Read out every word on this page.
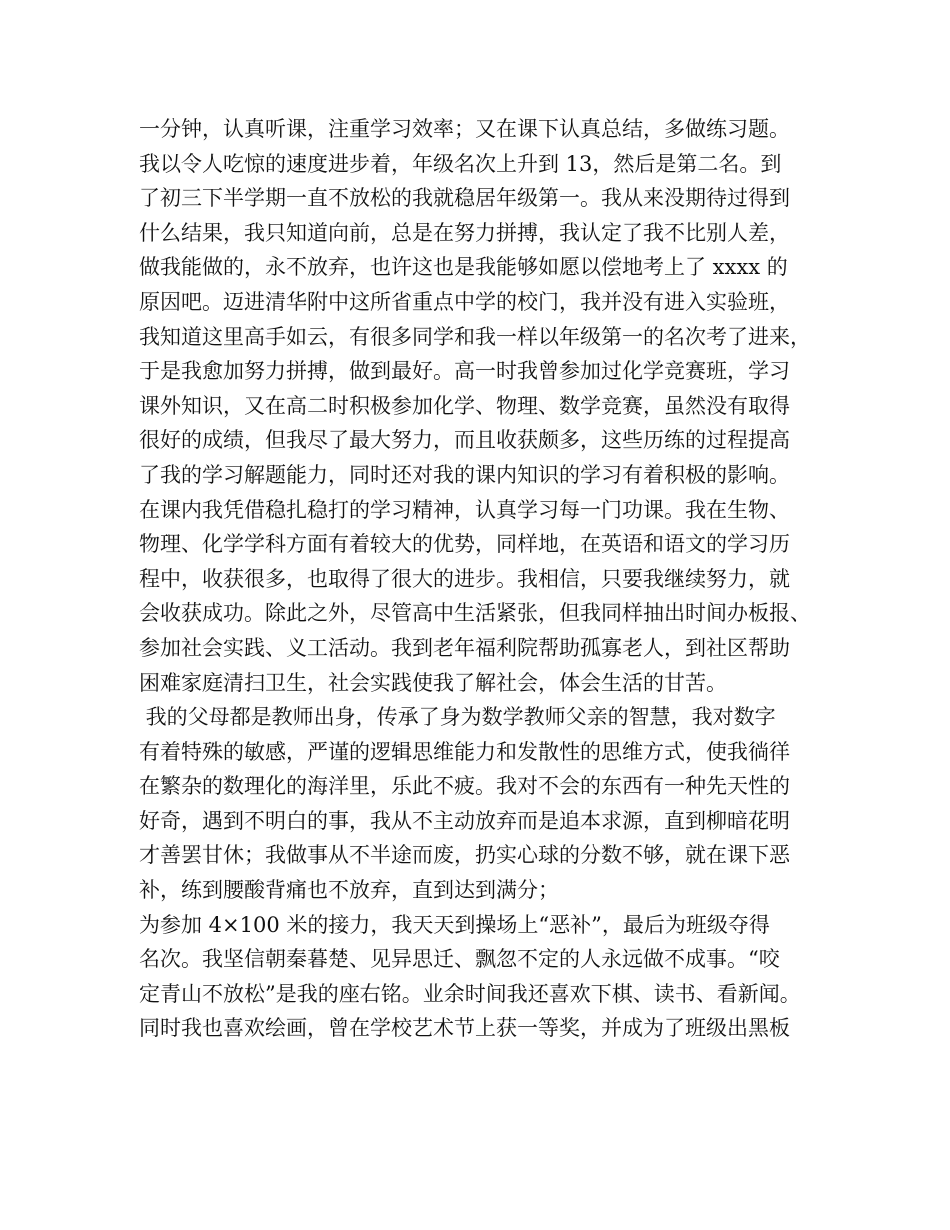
一分钟，认真听课，注重学习效率；又在课下认真总结，多做练习题。
我以令人吃惊的速度进步着，年级名次上升到 13，然后是第二名。到
了初三下半学期一直不放松的我就稳居年级第一。我从来没期待过得到
什么结果，我只知道向前，总是在努力拼搏，我认定了我不比别人差，
做我能做的，永不放弃，也许这也是我能够如愿以偿地考上了 xxxx 的
原因吧。迈进清华附中这所省重点中学的校门，我并没有进入实验班，
我知道这里高手如云，有很多同学和我一样以年级第一的名次考了进来，
于是我愈加努力拼搏，做到最好。高一时我曾参加过化学竞赛班，学习
课外知识，又在高二时积极参加化学、物理、数学竞赛，虽然没有取得
很好的成绩，但我尽了最大努力，而且收获颇多，这些历练的过程提高
了我的学习解题能力，同时还对我的课内知识的学习有着积极的影响。
在课内我凭借稳扎稳打的学习精神，认真学习每一门功课。我在生物、
物理、化学学科方面有着较大的优势，同样地，在英语和语文的学习历
程中，收获很多，也取得了很大的进步。我相信，只要我继续努力，就
会收获成功。除此之外，尽管高中生活紧张，但我同样抽出时间办板报、
参加社会实践、义工活动。我到老年福利院帮助孤寡老人，到社区帮助
困难家庭清扫卫生，社会实践使我了解社会，体会生活的甘苦。
我的父母都是教师出身，传承了身为数学教师父亲的智慧，我对数字
有着特殊的敏感，严谨的逻辑思维能力和发散性的思维方式，使我徜徉
在繁杂的数理化的海洋里，乐此不疲。我对不会的东西有一种先天性的
好奇，遇到不明白的事，我从不主动放弃而是追本求源，直到柳暗花明
才善罢甘休；我做事从不半途而废，扔实心球的分数不够，就在课下恶
补，练到腰酸背痛也不放弃，直到达到满分；
为参加 4×100 米的接力，我天天到操场上“恶补”，最后为班级夺得
名次。我坚信朝秦暮楚、见异思迁、飘忽不定的人永远做不成事。“咬
定青山不放松”是我的座右铭。业余时间我还喜欢下棋、读书、看新闻。
同时我也喜欢绘画，曾在学校艺术节上获一等奖，并成为了班级出黑板
